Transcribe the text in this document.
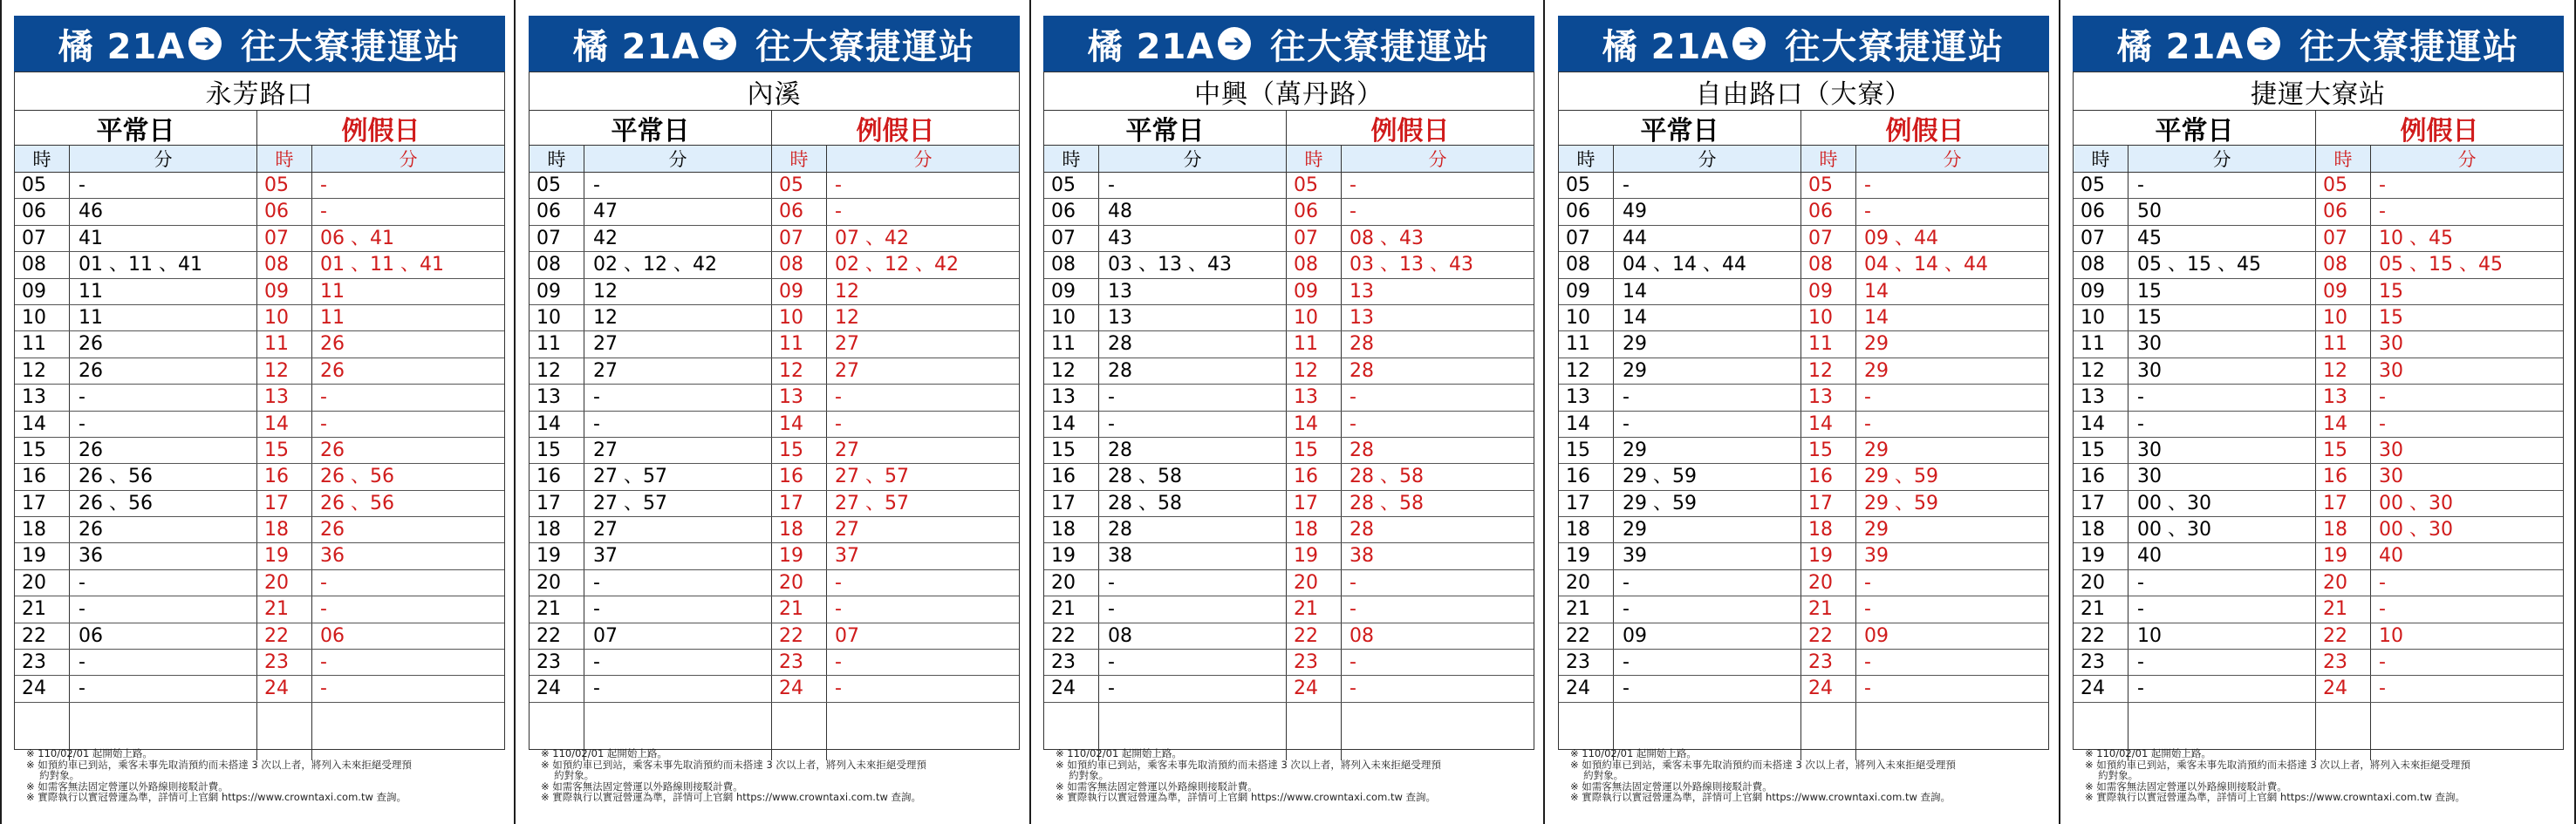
橘 21A ➔ 往大寮捷運站
永芳路口
平常日	例假日
時	分	時	分
05 -	05 -
06 46	06 -
07 41	07 06 、41
08 01 、11 、41	08 01 、11 、41
09 11	09 11
10 11	10 11
11 26	11 26
12 26	12 26
13 -	13 -
14 -	14 -
15 26	15 26
16 26 、56	16 26 、56
17 26 、56	17 26 、56
18 26	18 26
19 36	19 36
20 -	20 -
21 -	21 -
22 06	22 06
23 -	23 -
24 -	24 -
※ 110/02/01 起開始上路。
※ 如預約車已到站，乘客未事先取消預約而未搭達 3 次以上者，將列入未來拒絕受理預
　 約對象。
※ 如需客無法固定營運以外路線則接駁計費。
※ 實際執行以實冠營運為準，詳情可上官網 https://www.crowntaxi.com.tw 查詢。
橘 21A ➔ 往大寮捷運站
內溪
平常日	例假日
時	分	時	分
05 -	05 -
06 47	06 -
07 42	07 07 、42
08 02 、12 、42	08 02 、12 、42
09 12	09 12
10 12	10 12
11 27	11 27
12 27	12 27
13 -	13 -
14 -	14 -
15 27	15 27
16 27 、57	16 27 、57
17 27 、57	17 27 、57
18 27	18 27
19 37	19 37
20 -	20 -
21 -	21 -
22 07	22 07
23 -	23 -
24 -	24 -
※ 110/02/01 起開始上路。
※ 如預約車已到站，乘客未事先取消預約而未搭達 3 次以上者，將列入未來拒絕受理預
　 約對象。
※ 如需客無法固定營運以外路線則接駁計費。
※ 實際執行以實冠營運為準，詳情可上官網 https://www.crowntaxi.com.tw 查詢。
橘 21A ➔ 往大寮捷運站
中興（萬丹路）
平常日	例假日
時	分	時	分
05 -	05 -
06 48	06 -
07 43	07 08 、43
08 03 、13 、43	08 03 、13 、43
09 13	09 13
10 13	10 13
11 28	11 28
12 28	12 28
13 -	13 -
14 -	14 -
15 28	15 28
16 28 、58	16 28 、58
17 28 、58	17 28 、58
18 28	18 28
19 38	19 38
20 -	20 -
21 -	21 -
22 08	22 08
23 -	23 -
24 -	24 -
※ 110/02/01 起開始上路。
※ 如預約車已到站，乘客未事先取消預約而未搭達 3 次以上者，將列入未來拒絕受理預
　 約對象。
※ 如需客無法固定營運以外路線則接駁計費。
※ 實際執行以實冠營運為準，詳情可上官網 https://www.crowntaxi.com.tw 查詢。
橘 21A ➔ 往大寮捷運站
自由路口（大寮）
平常日	例假日
時	分	時	分
05 -	05 -
06 49	06 -
07 44	07 09 、44
08 04 、14 、44	08 04 、14 、44
09 14	09 14
10 14	10 14
11 29	11 29
12 29	12 29
13 -	13 -
14 -	14 -
15 29	15 29
16 29 、59	16 29 、59
17 29 、59	17 29 、59
18 29	18 29
19 39	19 39
20 -	20 -
21 -	21 -
22 09	22 09
23 -	23 -
24 -	24 -
※ 110/02/01 起開始上路。
※ 如預約車已到站，乘客未事先取消預約而未搭達 3 次以上者，將列入未來拒絕受理預
　 約對象。
※ 如需客無法固定營運以外路線則接駁計費。
※ 實際執行以實冠營運為準，詳情可上官網 https://www.crowntaxi.com.tw 查詢。
橘 21A ➔ 往大寮捷運站
捷運大寮站
平常日	例假日
時	分	時	分
05 -	05 -
06 50	06 -
07 45	07 10 、45
08 05 、15 、45	08 05 、15 、45
09 15	09 15
10 15	10 15
11 30	11 30
12 30	12 30
13 -	13 -
14 -	14 -
15 30	15 30
16 30	16 30
17 00 、30	17 00 、30
18 00 、30	18 00 、30
19 40	19 40
20 -	20 -
21 -	21 -
22 10	22 10
23 -	23 -
24 -	24 -
※ 110/02/01 起開始上路。
※ 如預約車已到站，乘客未事先取消預約而未搭達 3 次以上者，將列入未來拒絕受理預
　 約對象。
※ 如需客無法固定營運以外路線則接駁計費。
※ 實際執行以實冠營運為準，詳情可上官網 https://www.crowntaxi.com.tw 查詢。
